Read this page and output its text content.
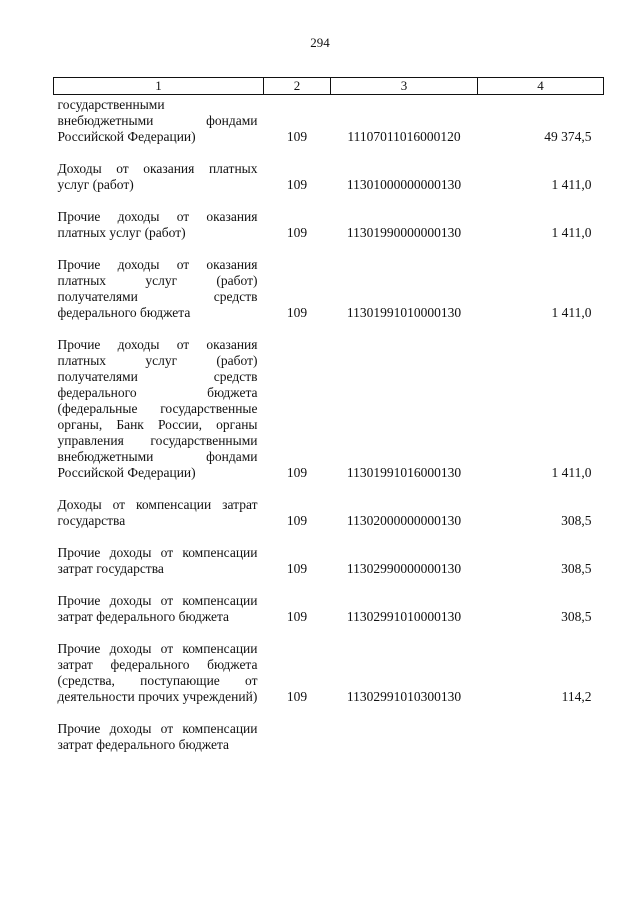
294
1	2	3	4
государственными внебюджетными фондами Российской Федерации)	109	11107011016000120	49 374,5
Доходы от оказания платных услуг (работ)	109	11301000000000130	1 411,0
Прочие доходы от оказания платных услуг (работ)	109	11301990000000130	1 411,0
Прочие доходы от оказания платных услуг (работ) получателями средств федерального бюджета	109	11301991010000130	1 411,0
Прочие доходы от оказания платных услуг (работ) получателями средств федерального бюджета (федеральные государственные органы, Банк России, органы управления государственными внебюджетными фондами Российской Федерации)	109	11301991016000130	1 411,0
Доходы от компенсации затрат государства	109	11302000000000130	308,5
Прочие доходы от компенсации затрат государства	109	11302990000000130	308,5
Прочие доходы от компенсации затрат федерального бюджета	109	11302991010000130	308,5
Прочие доходы от компенсации затрат федерального бюджета (средства, поступающие от деятельности прочих учреждений)	109	11302991010300130	114,2
Прочие доходы от компенсации затрат федерального бюджета			
